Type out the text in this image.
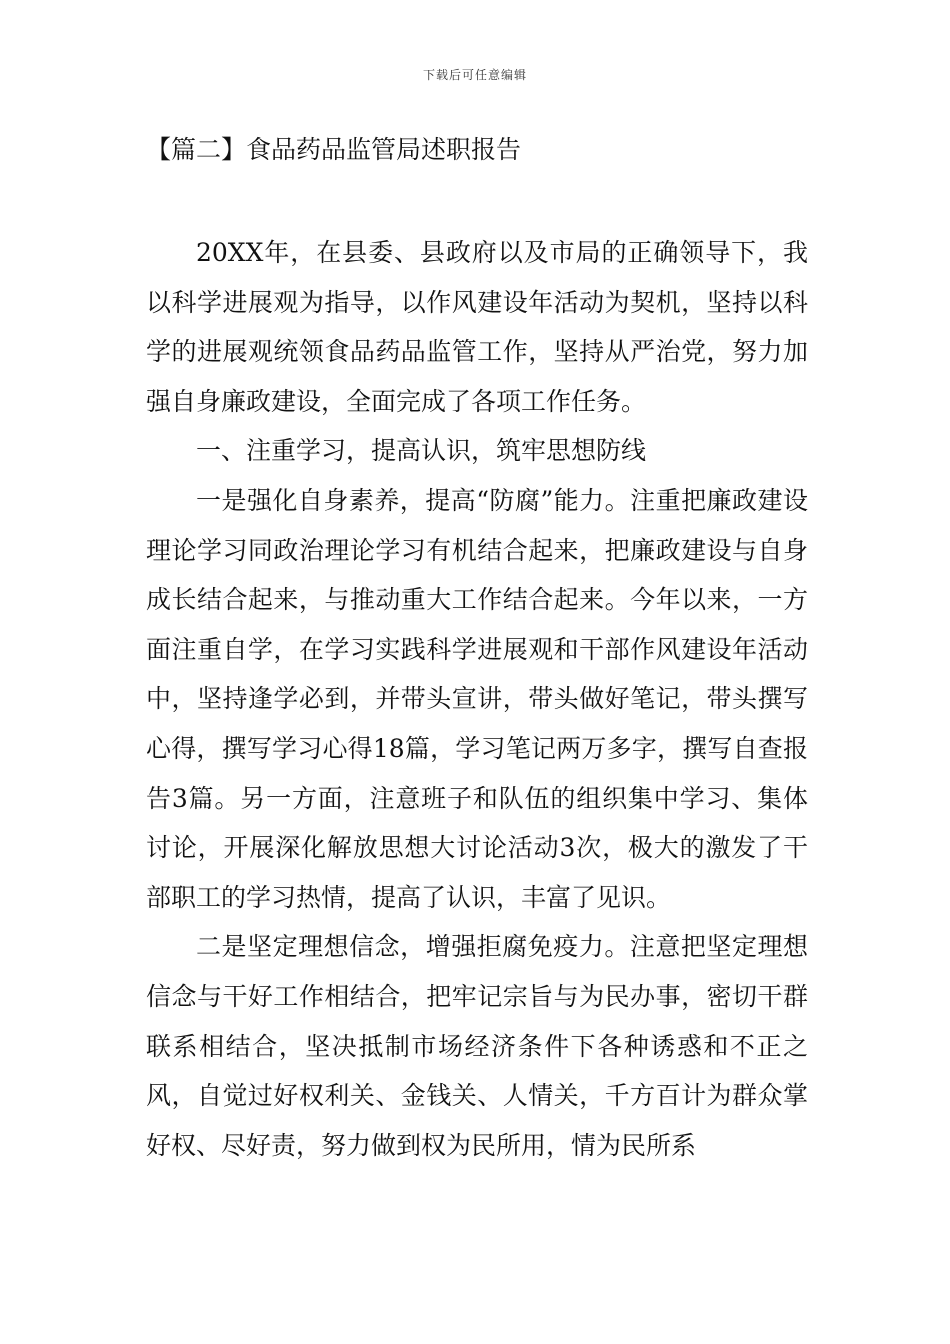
下载后可任意编辑
【篇二】食品药品监管局述职报告

20XX年，在县委、县政府以及市局的正确领导下，我以科学进展观为指导，以作风建设年活动为契机，坚持以科学的进展观统领食品药品监管工作，坚持从严治党，努力加强自身廉政建设，全面完成了各项工作任务。

一、注重学习，提高认识，筑牢思想防线

一是强化自身素养，提高“防腐”能力。注重把廉政建设理论学习同政治理论学习有机结合起来，把廉政建设与自身成长结合起来，与推动重大工作结合起来。今年以来，一方面注重自学，在学习实践科学进展观和干部作风建设年活动中，坚持逢学必到，并带头宣讲，带头做好笔记，带头撰写心得，撰写学习心得18篇，学习笔记两万多字，撰写自查报告3篇。另一方面，注意班子和队伍的组织集中学习、集体讨论，开展深化解放思想大讨论活动3次，极大的激发了干部职工的学习热情，提高了认识，丰富了见识。

二是坚定理想信念，增强拒腐免疫力。注意把坚定理想信念与干好工作相结合，把牢记宗旨与为民办事，密切干群联系相结合，坚决抵制市场经济条件下各种诱惑和不正之风，自觉过好权利关、金钱关、人情关，千方百计为群众掌好权、尽好责，努力做到权为民所用，情为民所系
